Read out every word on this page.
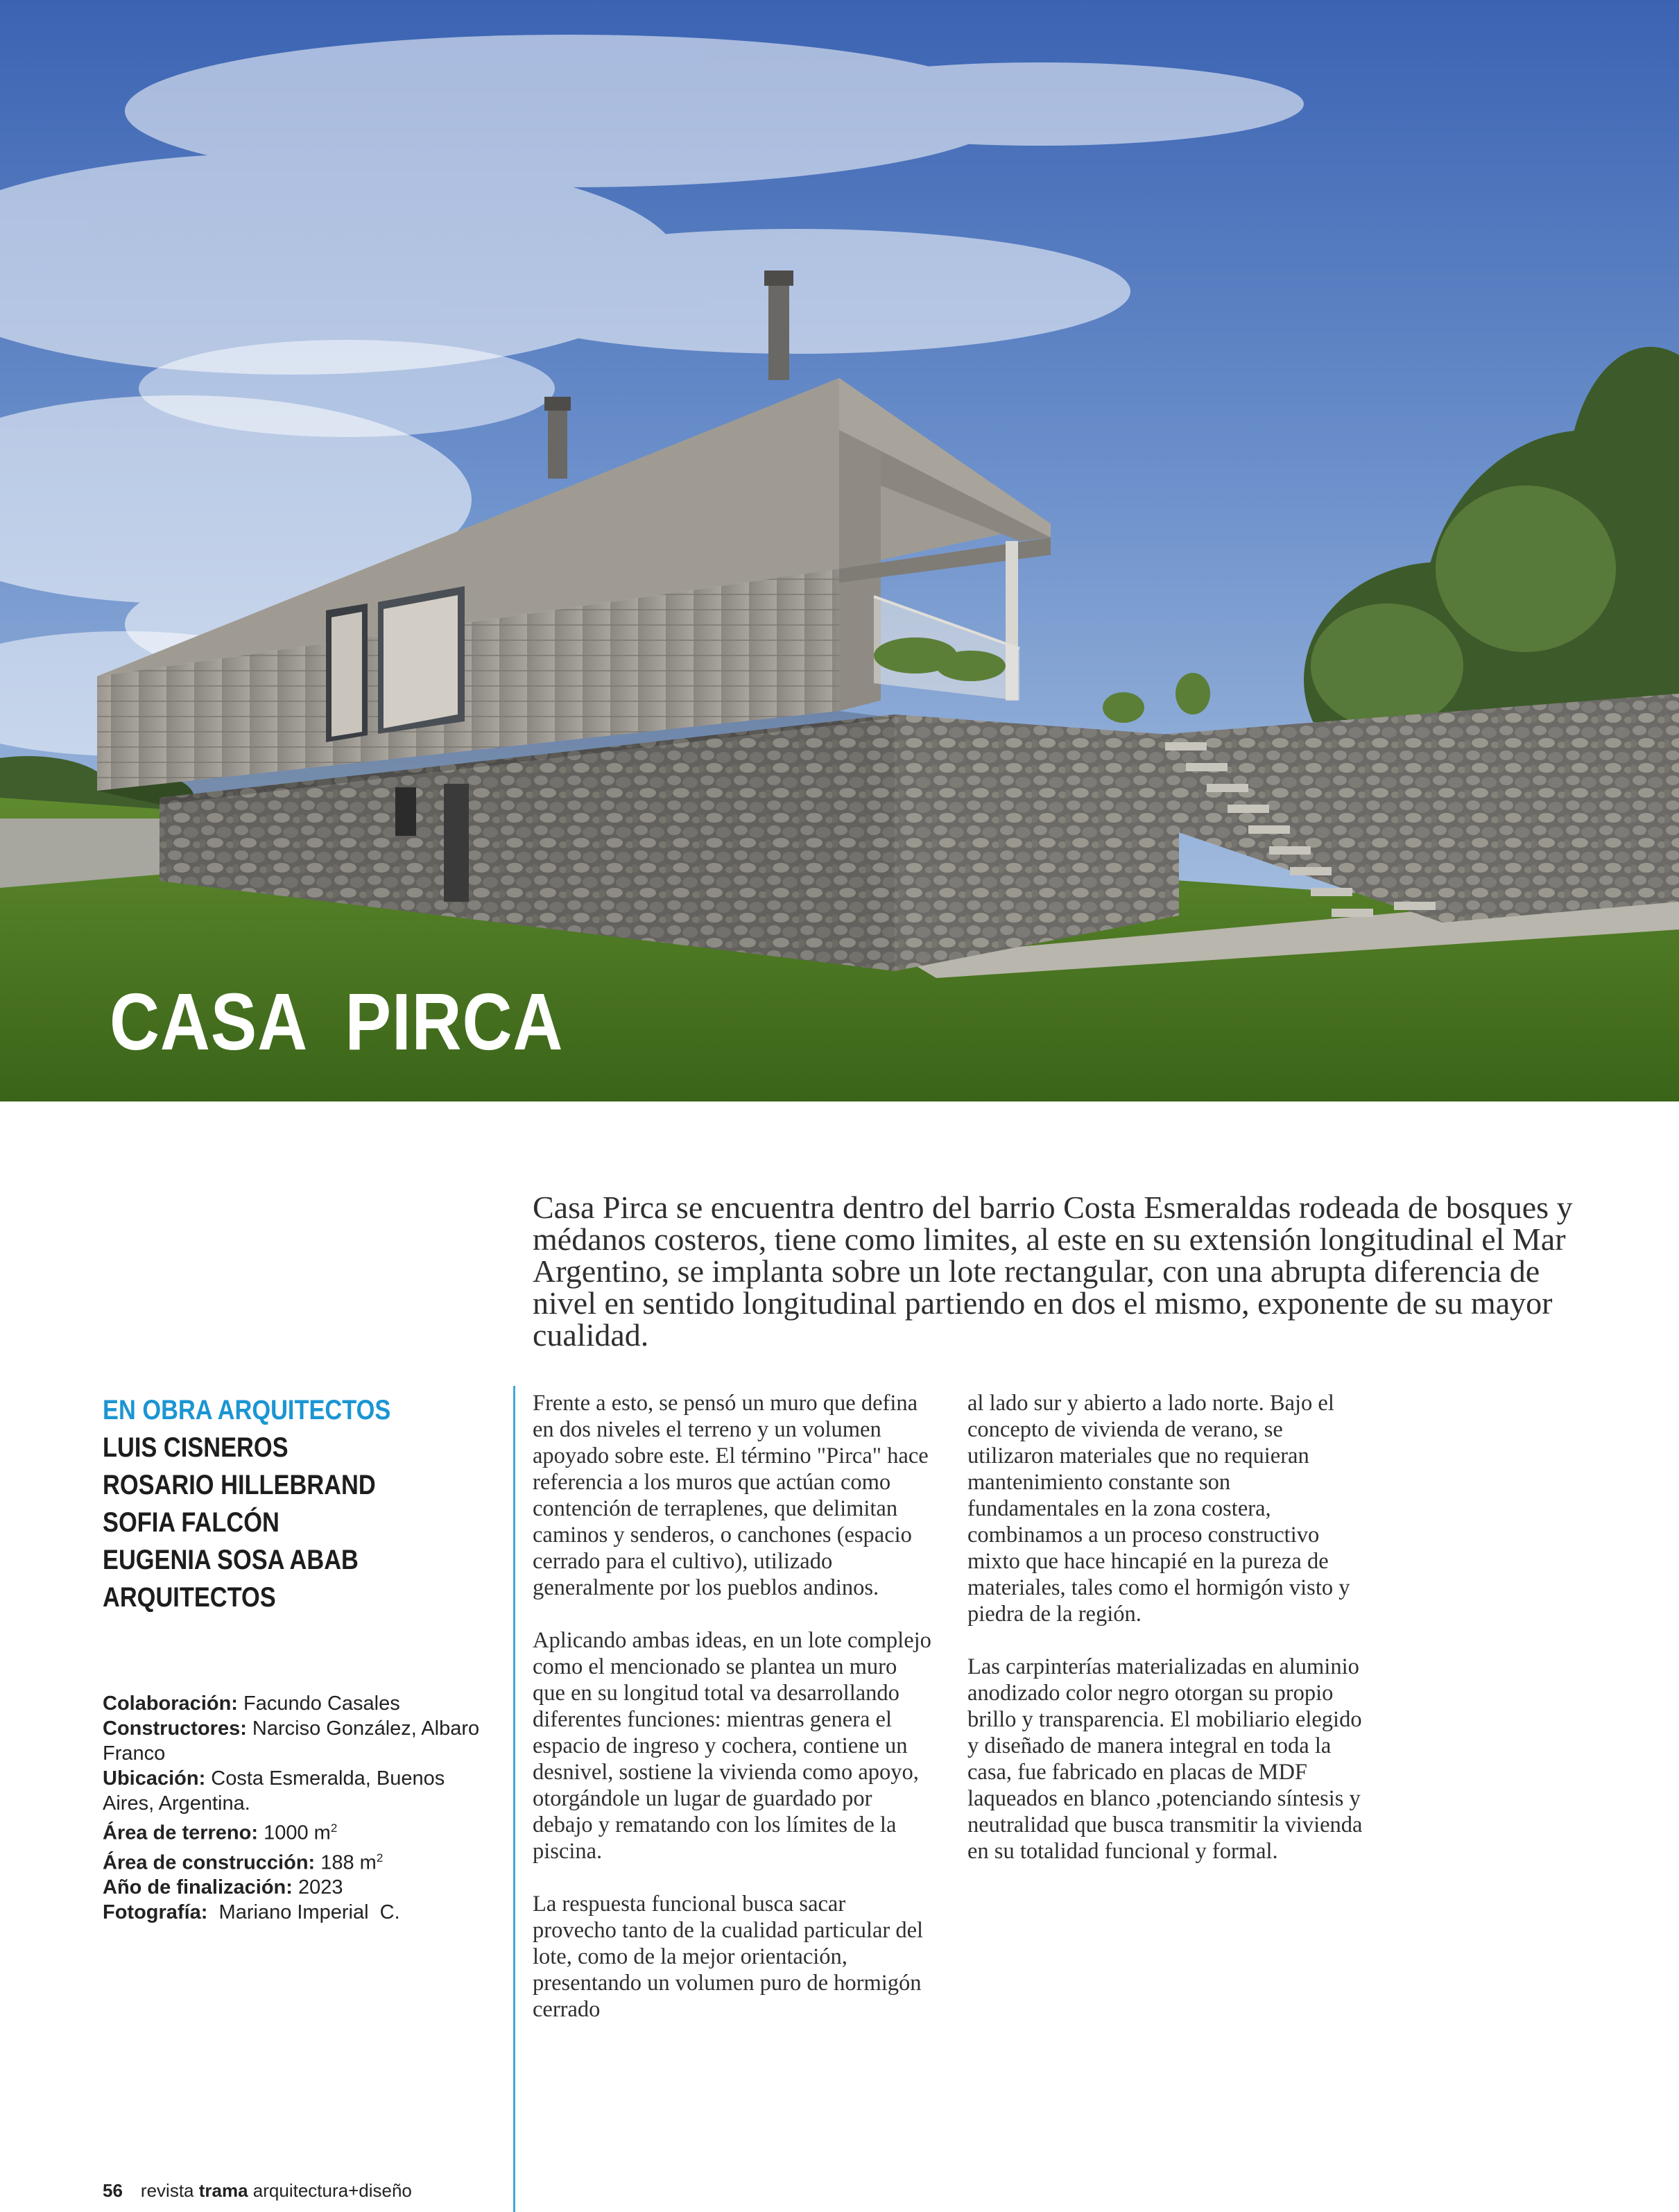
CASA  PIRCA
Casa Pirca se encuentra dentro del barrio Costa Esmeraldas rodeada de bosques y médanos costeros, tiene como limites, al este en su extensión longitudinal el Mar Argentino, se implanta sobre un lote rectangular, con una abrupta diferencia de nivel en sentido longitudinal partiendo en dos el mismo, exponente de su mayor cualidad.
EN OBRA ARQUITECTOS
LUIS CISNEROS
ROSARIO HILLEBRAND
SOFIA FALCÓN
EUGENIA SOSA ABAB
ARQUITECTOS
Colaboración: Facundo Casales
Constructores: Narciso González, Albaro Franco
Ubicación: Costa Esmeralda, Buenos Aires, Argentina.
Área de terreno: 1000 $m^2$
Área de construcción: 188 $m^2$
Año de finalización: 2023
Fotografía:  Mariano Imperial  C.

Frente a esto, se pensó un muro que defina en dos niveles el terreno y un volumen apoyado sobre este. El término "Pirca" hace referencia a los muros que actúan como contención de terraplenes, que delimitan caminos y senderos, o canchones (espacio cerrado para el cultivo), utilizado generalmente por los pueblos andinos.

Aplicando ambas ideas, en un lote complejo como el mencionado se plantea un muro que en su longitud total va desarrollando diferentes funciones: mientras genera el espacio de ingreso y cochera, contiene un desnivel, sostiene la vivienda como apoyo, otorgándole un lugar de guardado por debajo y rematando con los límites de la piscina.

La respuesta funcional busca sacar provecho tanto de la cualidad particular del lote, como de la mejor orientación, presentando un volumen puro de hormigón cerrado

al lado sur y abierto a lado norte. Bajo el concepto de vivienda de verano, se utilizaron materiales que no requieran mantenimiento constante son fundamentales en la zona costera, combinamos a un proceso constructivo mixto que hace hincapié en la pureza de materiales, tales como el hormigón visto y piedra de la región.

Las carpinterías materializadas en aluminio anodizado color negro otorgan su propio brillo y transparencia. El mobiliario elegido y diseñado de manera integral en toda la casa, fue fabricado en placas de MDF laqueados en blanco ,potenciando síntesis y neutralidad que busca transmitir la vivienda en su totalidad funcional y formal.

56 revista trama arquitectura+diseño
